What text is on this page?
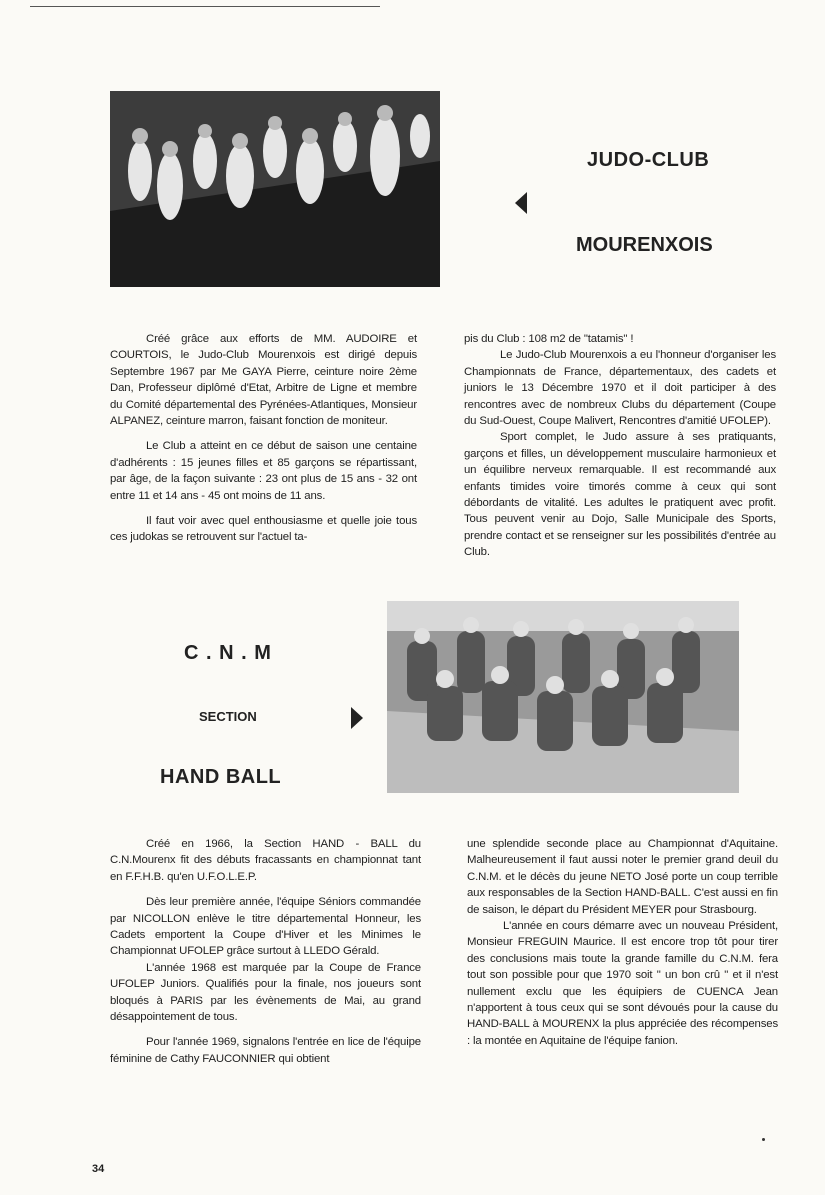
JUDO-CLUB
MOURENXOIS

Créé grâce aux efforts de MM. AUDOIRE et COURTOIS, le Judo-Club Mourenxois est dirigé depuis Septembre 1967 par Me GAYA Pierre, ceinture noire 2ème Dan, Professeur diplômé d'Etat, Arbitre de Ligne et membre du Comité départemental des Pyrénées-Atlantiques, Monsieur ALPANEZ, ceinture marron, faisant fonction de moniteur.

Le Club a atteint en ce début de saison une centaine d'adhérents : 15 jeunes filles et 85 garçons se répartissant, par âge, de la façon suivante : 23 ont plus de 15 ans - 32 ont entre 11 et 14 ans - 45 ont moins de 11 ans.

Il faut voir avec quel enthousiasme et quelle joie tous ces judokas se retrouvent sur l'actuel ta-

pis du Club : 108 m2 de "tatamis" !

Le Judo-Club Mourenxois a eu l'honneur d'organiser les Championnats de France, départementaux, des cadets et juniors le 13 Décembre 1970 et il doit participer à des rencontres avec de nombreux Clubs du département (Coupe du Sud-Ouest, Coupe Malivert, Rencontres d'amitié UFOLEP).

Sport complet, le Judo assure à ses pratiquants, garçons et filles, un développement musculaire harmonieux et un équilibre nerveux remarquable. Il est recommandé aux enfants timides voire timorés comme à ceux qui sont débordants de vitalité. Les adultes le pratiquent avec profit. Tous peuvent venir au Dojo, Salle Municipale des Sports, prendre contact et se renseigner sur les possibilités d'entrée au Club.

C . N . M
SECTION
HAND BALL

Créé en 1966, la Section HAND - BALL du C.N.Mourenx fit des débuts fracassants en championnat tant en F.F.H.B. qu'en U.F.O.L.E.P.

Dès leur première année, l'équipe Séniors commandée par NICOLLON enlève le titre départemental Honneur, les Cadets emportent la Coupe d'Hiver et les Minimes le Championnat UFOLEP grâce surtout à LLEDO Gérald.

L'année 1968 est marquée par la Coupe de France UFOLEP Juniors. Qualifiés pour la finale, nos joueurs sont bloqués à PARIS par les évènements de Mai, au grand désappointement de tous.

Pour l'année 1969, signalons l'entrée en lice de l'équipe féminine de Cathy FAUCONNIER qui obtient

une splendide seconde place au Championnat d'Aquitaine. Malheureusement il faut aussi noter le premier grand deuil du C.N.M. et le décès du jeune NETO José porte un coup terrible aux responsables de la Section HAND-BALL. C'est aussi en fin de saison, le départ du Président MEYER pour Strasbourg.

L'année en cours démarre avec un nouveau Président, Monsieur FREGUIN Maurice. Il est encore trop tôt pour tirer des conclusions mais toute la grande famille du C.N.M. fera tout son possible pour que 1970 soit " un bon crû " et il n'est nullement exclu que les équipiers de CUENCA Jean n'apportent à tous ceux qui se sont dévoués pour la cause du HAND-BALL à MOURENX la plus appréciée des récompenses : la montée en Aquitaine de l'équipe fanion.

34
